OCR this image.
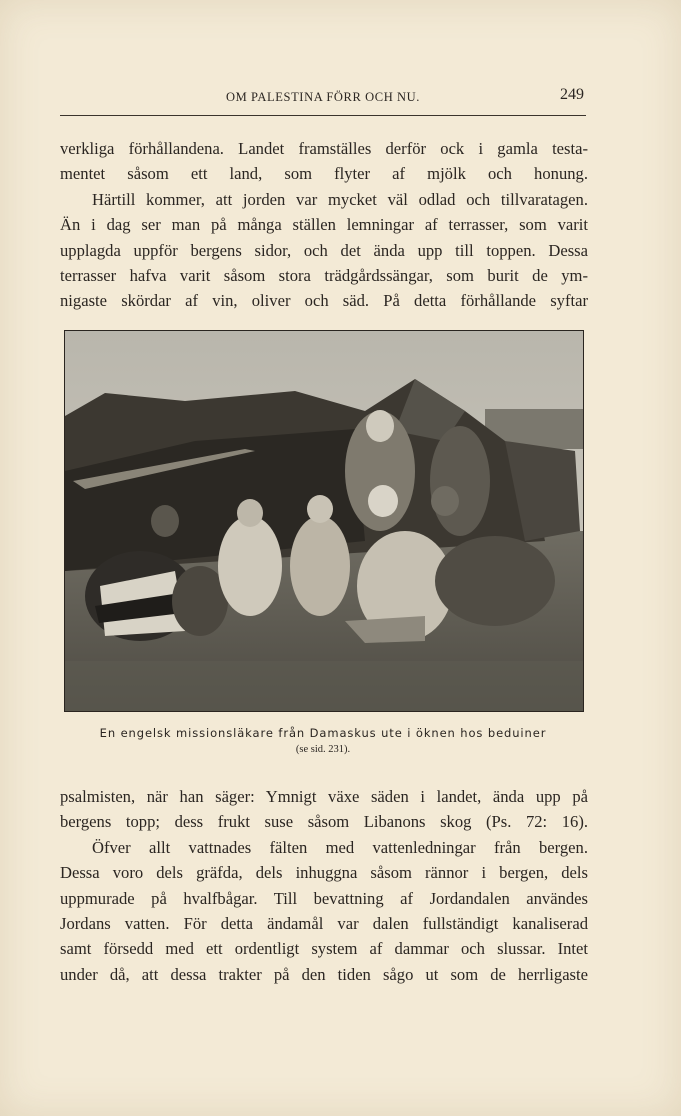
OM PALESTINA FÖRR OCH NU.	249
verkliga förhållandena. Landet framställes derför ock i gamla testa-
mentet såsom ett land, som flyter af mjölk och honung.
Härtill kommer, att jorden var mycket väl odlad och tillvaratagen.
Än i dag ser man på många ställen lemningar af terrasser, som varit
upplagda uppför bergens sidor, och det ända upp till toppen. Dessa
terrasser hafva varit såsom stora trädgårdssängar, som burit de ym-
nigaste skördar af vin, oliver och säd. På detta förhållande syftar
En engelsk missionsläkare från Damaskus ute i öknen hos beduiner
(se sid. 231).
psalmisten, när han säger: Ymnigt växe säden i landet, ända upp på
bergens topp; dess frukt suse såsom Libanons skog (Ps. 72: 16).
Öfver allt vattnades fälten med vattenledningar från bergen.
Dessa voro dels gräfda, dels inhuggna såsom rännor i bergen, dels
uppmurade på hvalfbågar. Till bevattning af Jordandalen användes
Jordans vatten. För detta ändamål var dalen fullständigt kanaliserad
samt försedd med ett ordentligt system af dammar och slussar. Intet
under då, att dessa trakter på den tiden sågo ut som de herrligaste
